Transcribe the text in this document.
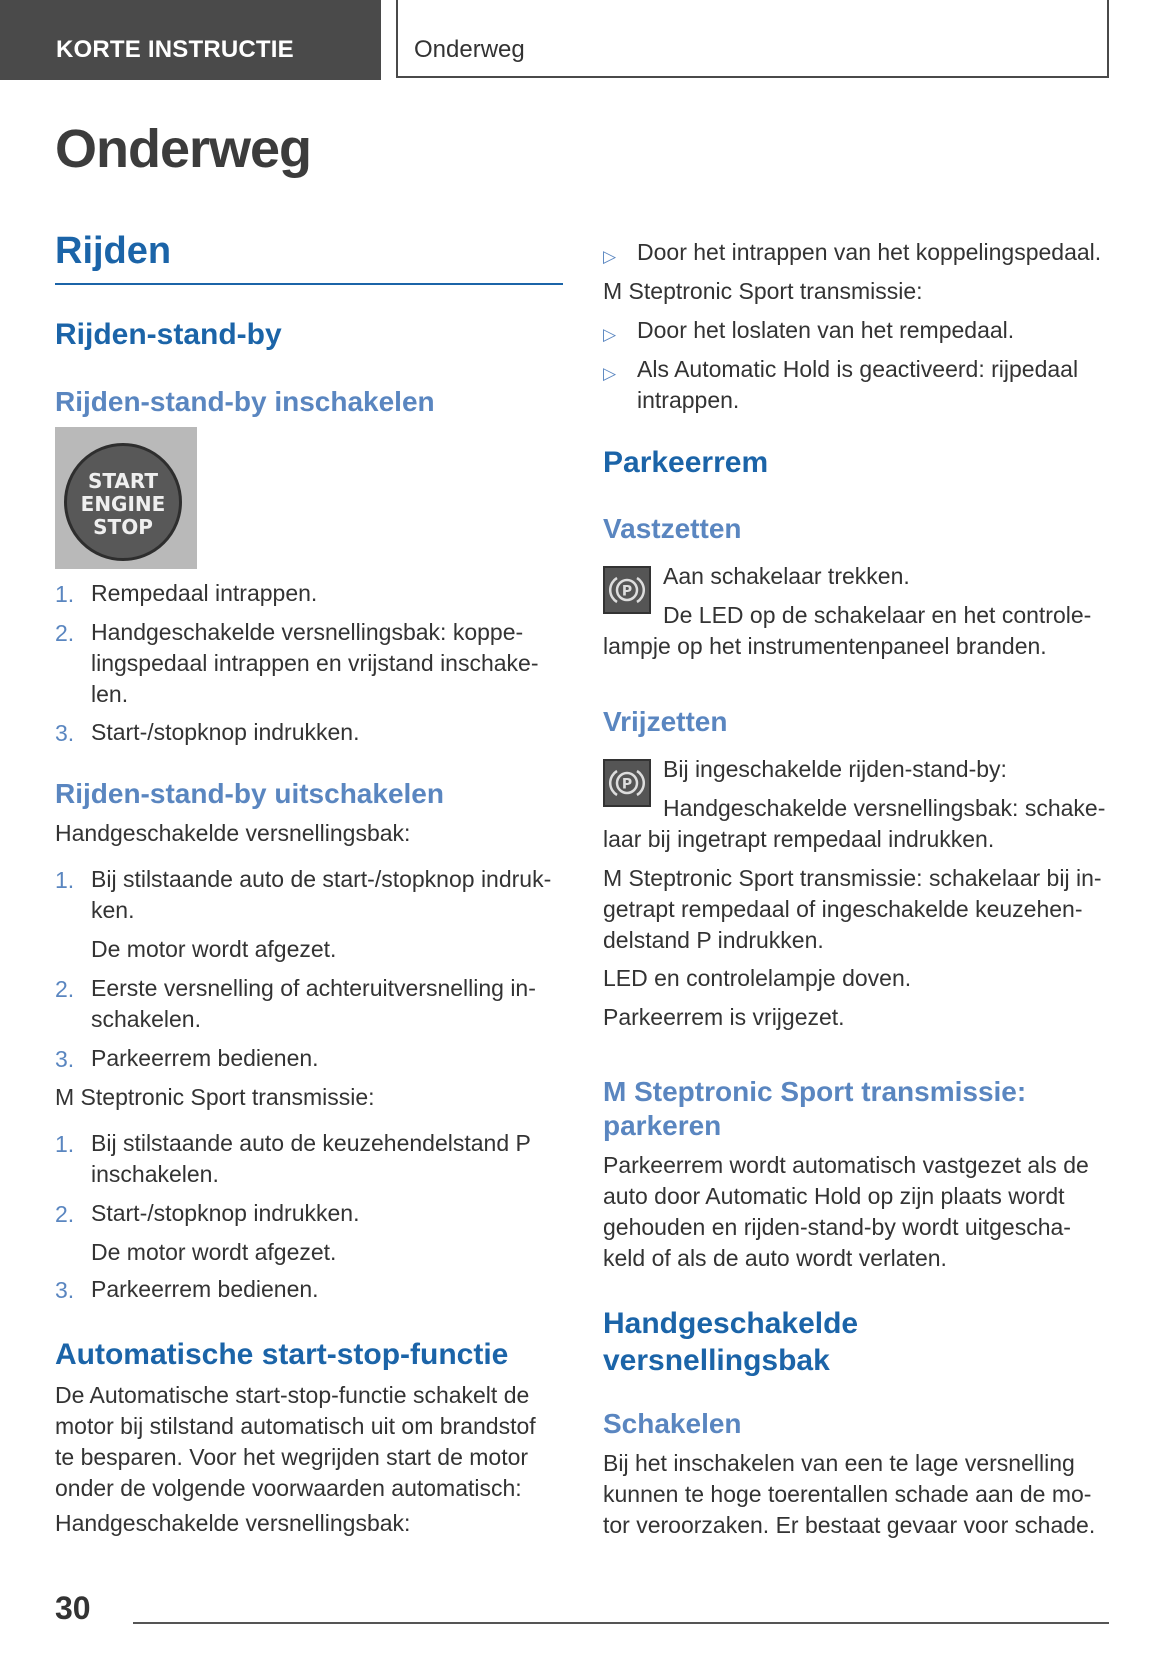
KORTE INSTRUCTIE	Onderweg
Onderweg
Rijden
Rijden-stand-by
Rijden-stand-by inschakelen
START
ENGINE
STOP
1. Rempedaal intrappen.
2. Handgeschakelde versnellingsbak: koppe-
lingspedaal intrappen en vrijstand inschake-
len.
3. Start-/stopknop indrukken.
Rijden-stand-by uitschakelen
Handgeschakelde versnellingsbak:
1. Bij stilstaande auto de start-/stopknop indruk-
ken.
De motor wordt afgezet.
2. Eerste versnelling of achteruitversnelling in-
schakelen.
3. Parkeerrem bedienen.
M Steptronic Sport transmissie:
1. Bij stilstaande auto de keuzehendelstand P
inschakelen.
2. Start-/stopknop indrukken.
De motor wordt afgezet.
3. Parkeerrem bedienen.
Automatische start-stop-functie
De Automatische start-stop-functie schakelt de
motor bij stilstand automatisch uit om brandstof
te besparen. Voor het wegrijden start de motor
onder de volgende voorwaarden automatisch:
Handgeschakelde versnellingsbak:
▷ Door het intrappen van het koppelingspedaal.
M Steptronic Sport transmissie:
▷ Door het loslaten van het rempedaal.
▷ Als Automatic Hold is geactiveerd: rijpedaal
intrappen.
Parkeerrem
Vastzetten
P
Aan schakelaar trekken.
De LED op de schakelaar en het controle-
lampje op het instrumentenpaneel branden.
Vrijzetten
P
Bij ingeschakelde rijden-stand-by:
Handgeschakelde versnellingsbak: schake-
laar bij ingetrapt rempedaal indrukken.
M Steptronic Sport transmissie: schakelaar bij in-
getrapt rempedaal of ingeschakelde keuzehen-
delstand P indrukken.
LED en controlelampje doven.
Parkeerrem is vrijgezet.
M Steptronic Sport transmissie:
parkeren
Parkeerrem wordt automatisch vastgezet als de
auto door Automatic Hold op zijn plaats wordt
gehouden en rijden-stand-by wordt uitgescha-
keld of als de auto wordt verlaten.
Handgeschakelde
versnellingsbak
Schakelen
Bij het inschakelen van een te lage versnelling
kunnen te hoge toerentallen schade aan de mo-
tor veroorzaken. Er bestaat gevaar voor schade.
30
